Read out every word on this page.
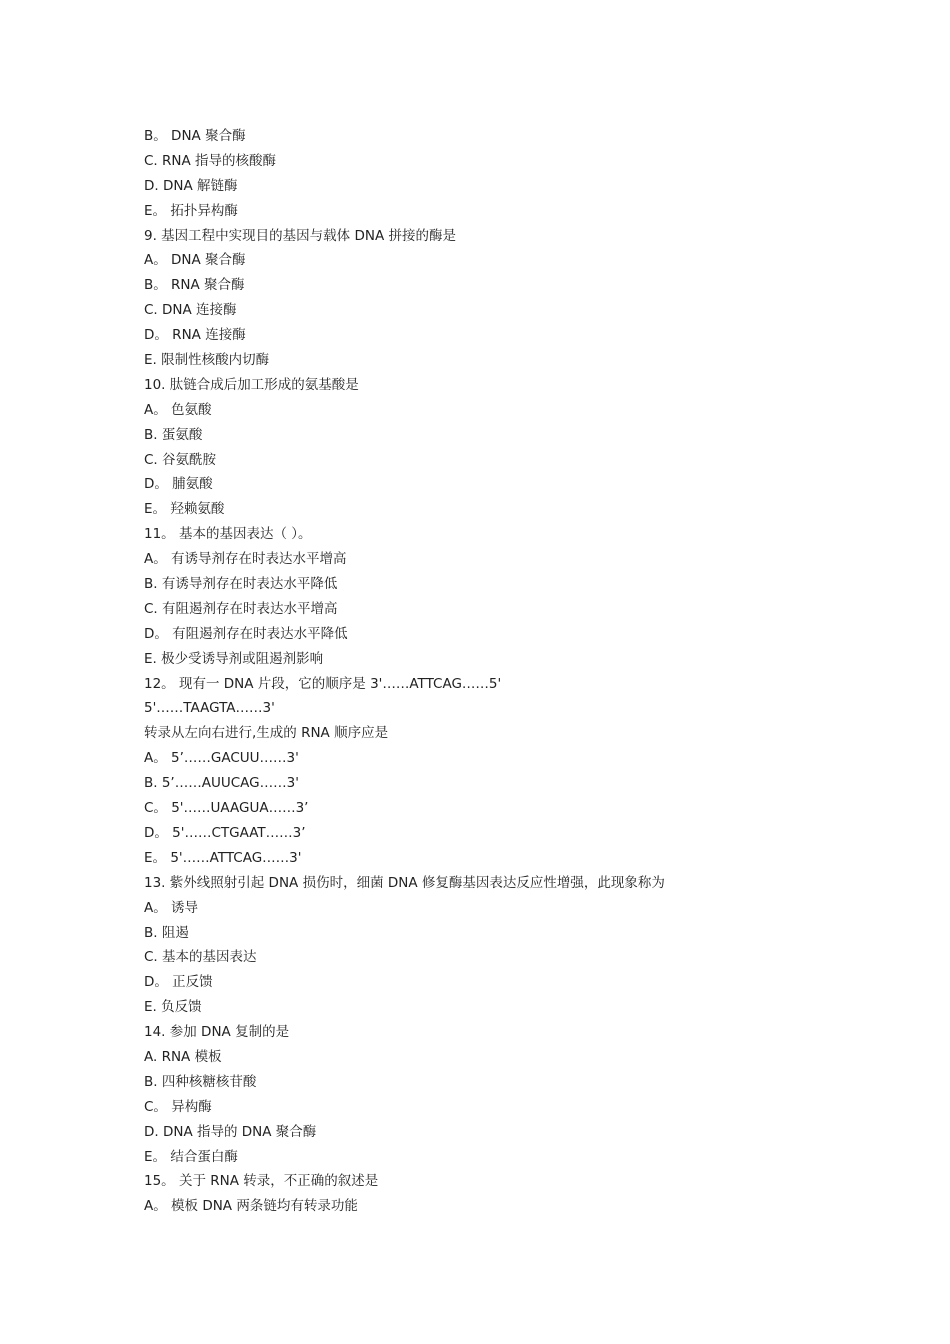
B。 DNA 聚合酶
C. RNA 指导的核酸酶
D. DNA 解链酶
E。 拓扑异构酶
9. 基因工程中实现目的基因与载体 DNA 拼接的酶是
A。 DNA 聚合酶
B。 RNA 聚合酶
C. DNA 连接酶
D。 RNA 连接酶
E. 限制性核酸内切酶
10. 肽链合成后加工形成的氨基酸是
A。 色氨酸
B. 蛋氨酸
C. 谷氨酰胺
D。 脯氨酸
E。 羟赖氨酸
11。 基本的基因表达（ ）。
A。 有诱导剂存在时表达水平增高
B. 有诱导剂存在时表达水平降低
C. 有阻遏剂存在时表达水平增高
D。 有阻遏剂存在时表达水平降低
E. 极少受诱导剂或阻遏剂影响
12。 现有一 DNA 片段，它的顺序是 3'……ATTCAG……5'
5'……TAAGTA……3'
转录从左向右进行,生成的 RNA 顺序应是
A。 5’……GACUU……3'
B. 5’……AUUCAG……3'
C。 5'……UAAGUA……3’
D。 5'……CTGAAT……3’
E。 5'……ATTCAG……3'
13. 紫外线照射引起 DNA 损伤时，细菌 DNA 修复酶基因表达反应性增强，此现象称为
A。 诱导
B. 阻遏
C. 基本的基因表达
D。 正反馈
E. 负反馈
14. 参加 DNA 复制的是
A. RNA 模板
B. 四种核糖核苷酸
C。 异构酶
D. DNA 指导的 DNA 聚合酶
E。 结合蛋白酶
15。 关于 RNA 转录，不正确的叙述是
A。 模板 DNA 两条链均有转录功能
